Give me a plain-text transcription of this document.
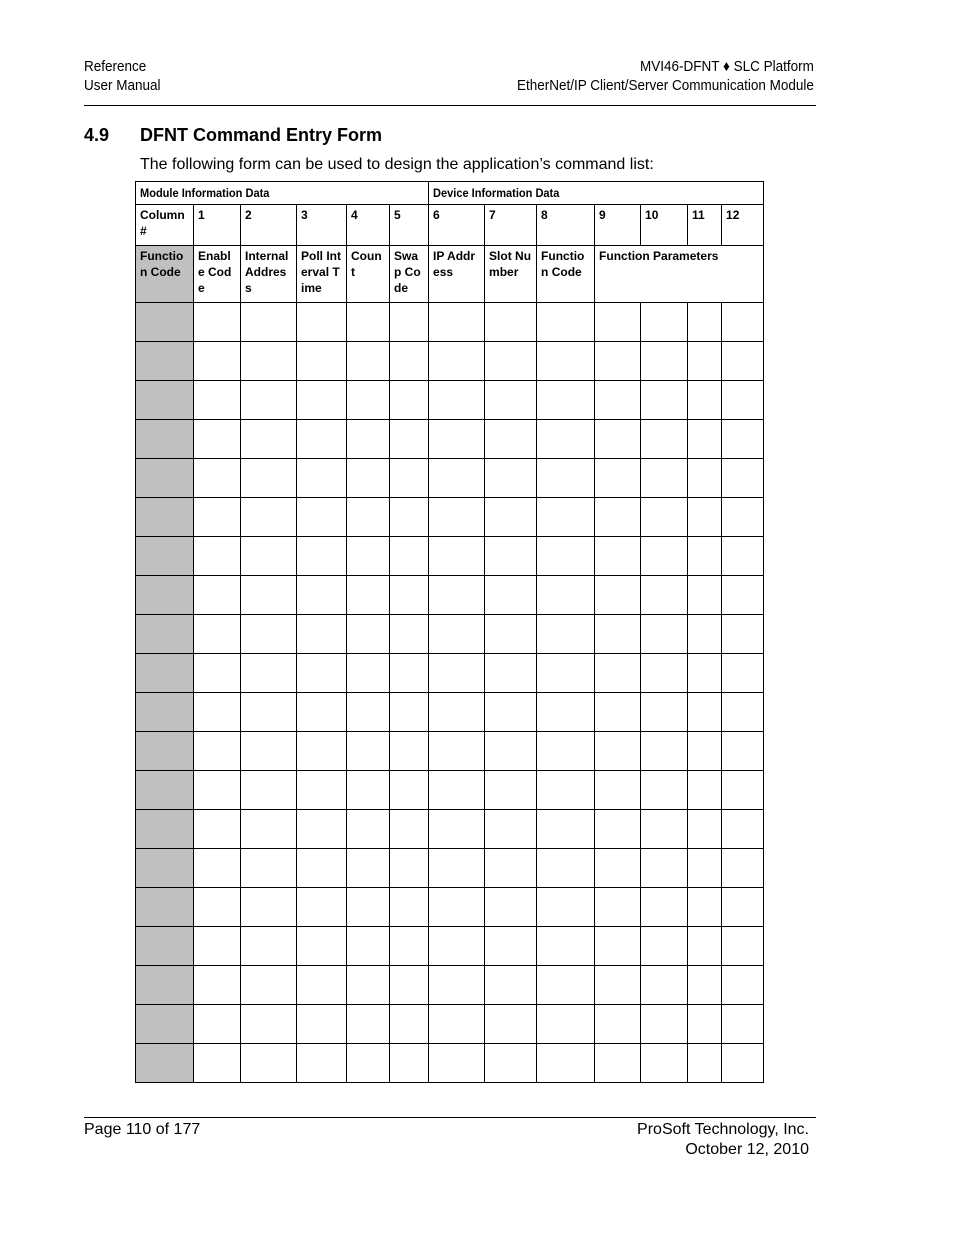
Reference
User Manual
MVI46-DFNT ♦ SLC Platform
EtherNet/IP Client/Server Communication Module
4.9 DFNT Command Entry Form
The following form can be used to design the application’s command list:
Module Information Data						Device Information Data						

Column #	1	2	3	4	5	6	7	8	9	10	11	12
Function Code	Enable Code	Internal Address	Poll Interval Time	Count	Swap Code	IP Address	Slot Number	Function Code	Function Parameters			

Page 110 of 177	ProSoft Technology, Inc.
October 12, 2010
